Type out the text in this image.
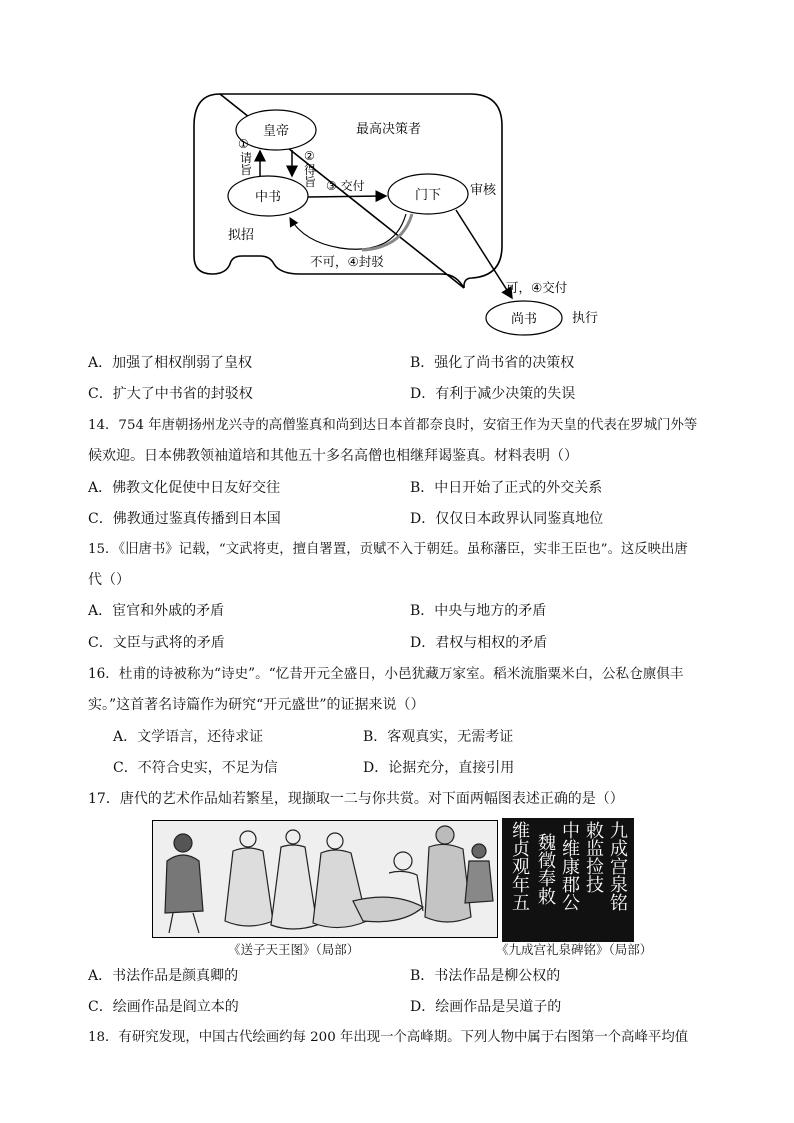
皇帝	最高决策者
中书
拟招
门下 审核
尚书	执行
①
请
旨
②
得
旨 ③ 交付
不可，④封驳
可，④交付
A．加强了相权削弱了皇权	B．强化了尚书省的决策权
C．扩大了中书省的封驳权	D．有利于减少决策的失误
14．754 年唐朝扬州龙兴寺的高僧鉴真和尚到达日本首都奈良时，安宿王作为天皇的代表在罗城门外等
候欢迎。日本佛教领袖道培和其他五十多名高僧也相继拜谒鉴真。材料表明（）
A．佛教文化促使中日友好交往	B．中日开始了正式的外交关系
C．佛教通过鉴真传播到日本国	D．仅仅日本政界认同鉴真地位
15．《旧唐书》记载，“文武将吏，擅自署置，贡赋不入于朝廷。虽称藩臣，实非王臣也”。这反映出唐
代（）
A．宦官和外戚的矛盾	B．中央与地方的矛盾
C．文臣与武将的矛盾	D．君权与相权的矛盾
16．杜甫的诗被称为“诗史”。“忆昔开元全盛日，小邑犹藏万家室。稻米流脂粟米白，公私仓廪俱丰
实。”这首著名诗篇作为研究“开元盛世”的证据来说（）
A．文学语言，还待求证	B．客观真实，无需考证
C．不符合史实，不足为信	D．论据充分，直接引用
17．唐代的艺术作品灿若繁星，现撷取一二与你共赏。对下面两幅图表述正确的是（）
九成宫泉铭
敕监捡技
中维康郡公
魏徵奉敕
维贞观年五
《送子天王图》（局部）	《九成宫礼泉碑铭》（局部）
A．书法作品是颜真卿的	B．书法作品是柳公权的
C．绘画作品是阎立本的	D．绘画作品是吴道子的
18．有研究发现，中国古代绘画约每 200 年出现一个高峰期。下列人物中属于右图第一个高峰平均值
